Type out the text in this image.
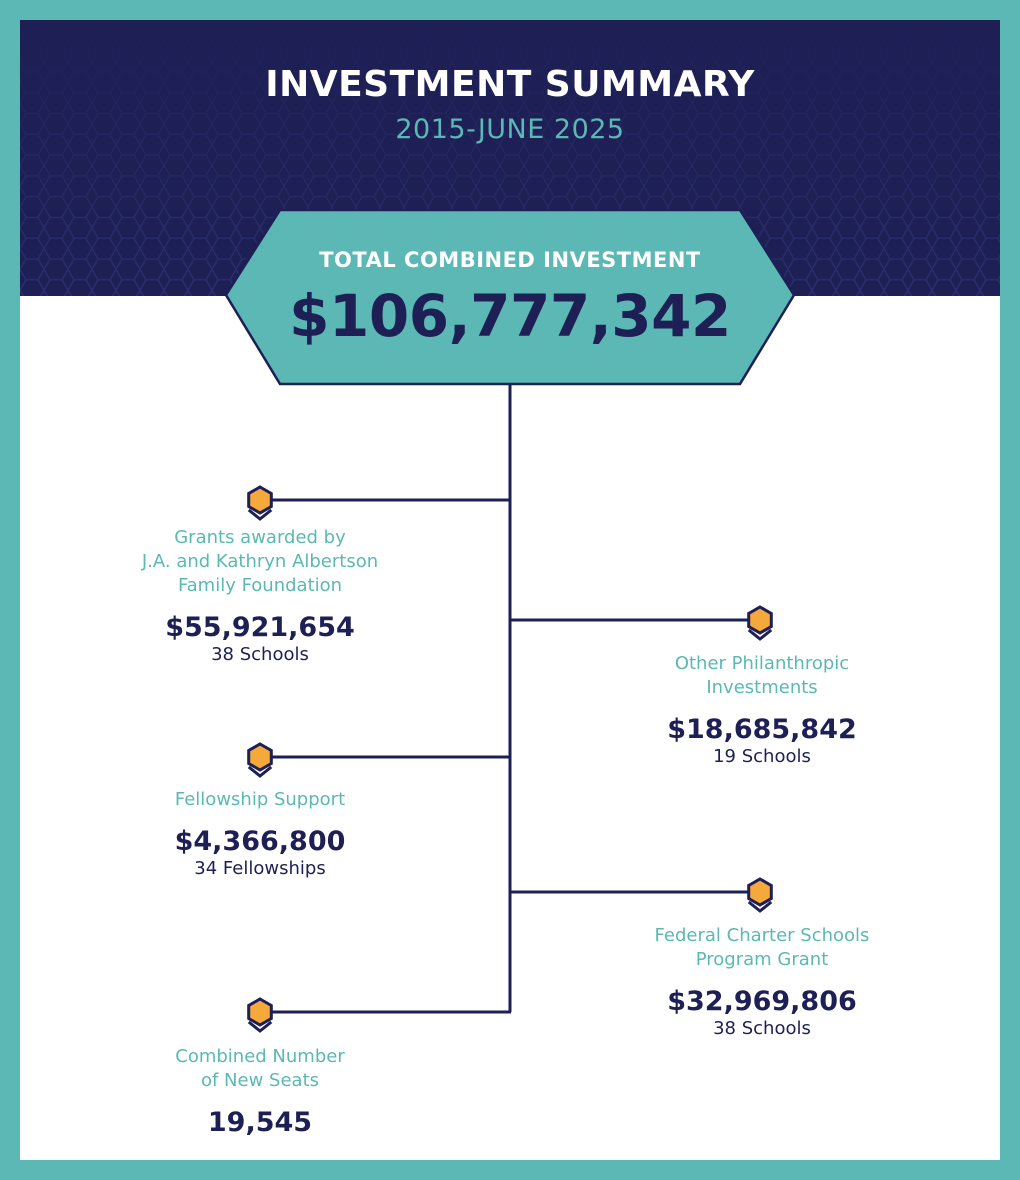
INVESTMENT SUMMARY
2015-JUNE 2025
TOTAL COMBINED INVESTMENT
$106,777,342
Grants awarded by
J.A. and Kathryn Albertson
Family Foundation
$55,921,654
38 Schools	Other Philanthropic
Investments
$18,685,842
19 Schools
Fellowship Support
$4,366,800
34 Fellowships
Federal Charter Schools
Program Grant
$32,969,806
38 Schools
Combined Number
of New Seats
19,545
